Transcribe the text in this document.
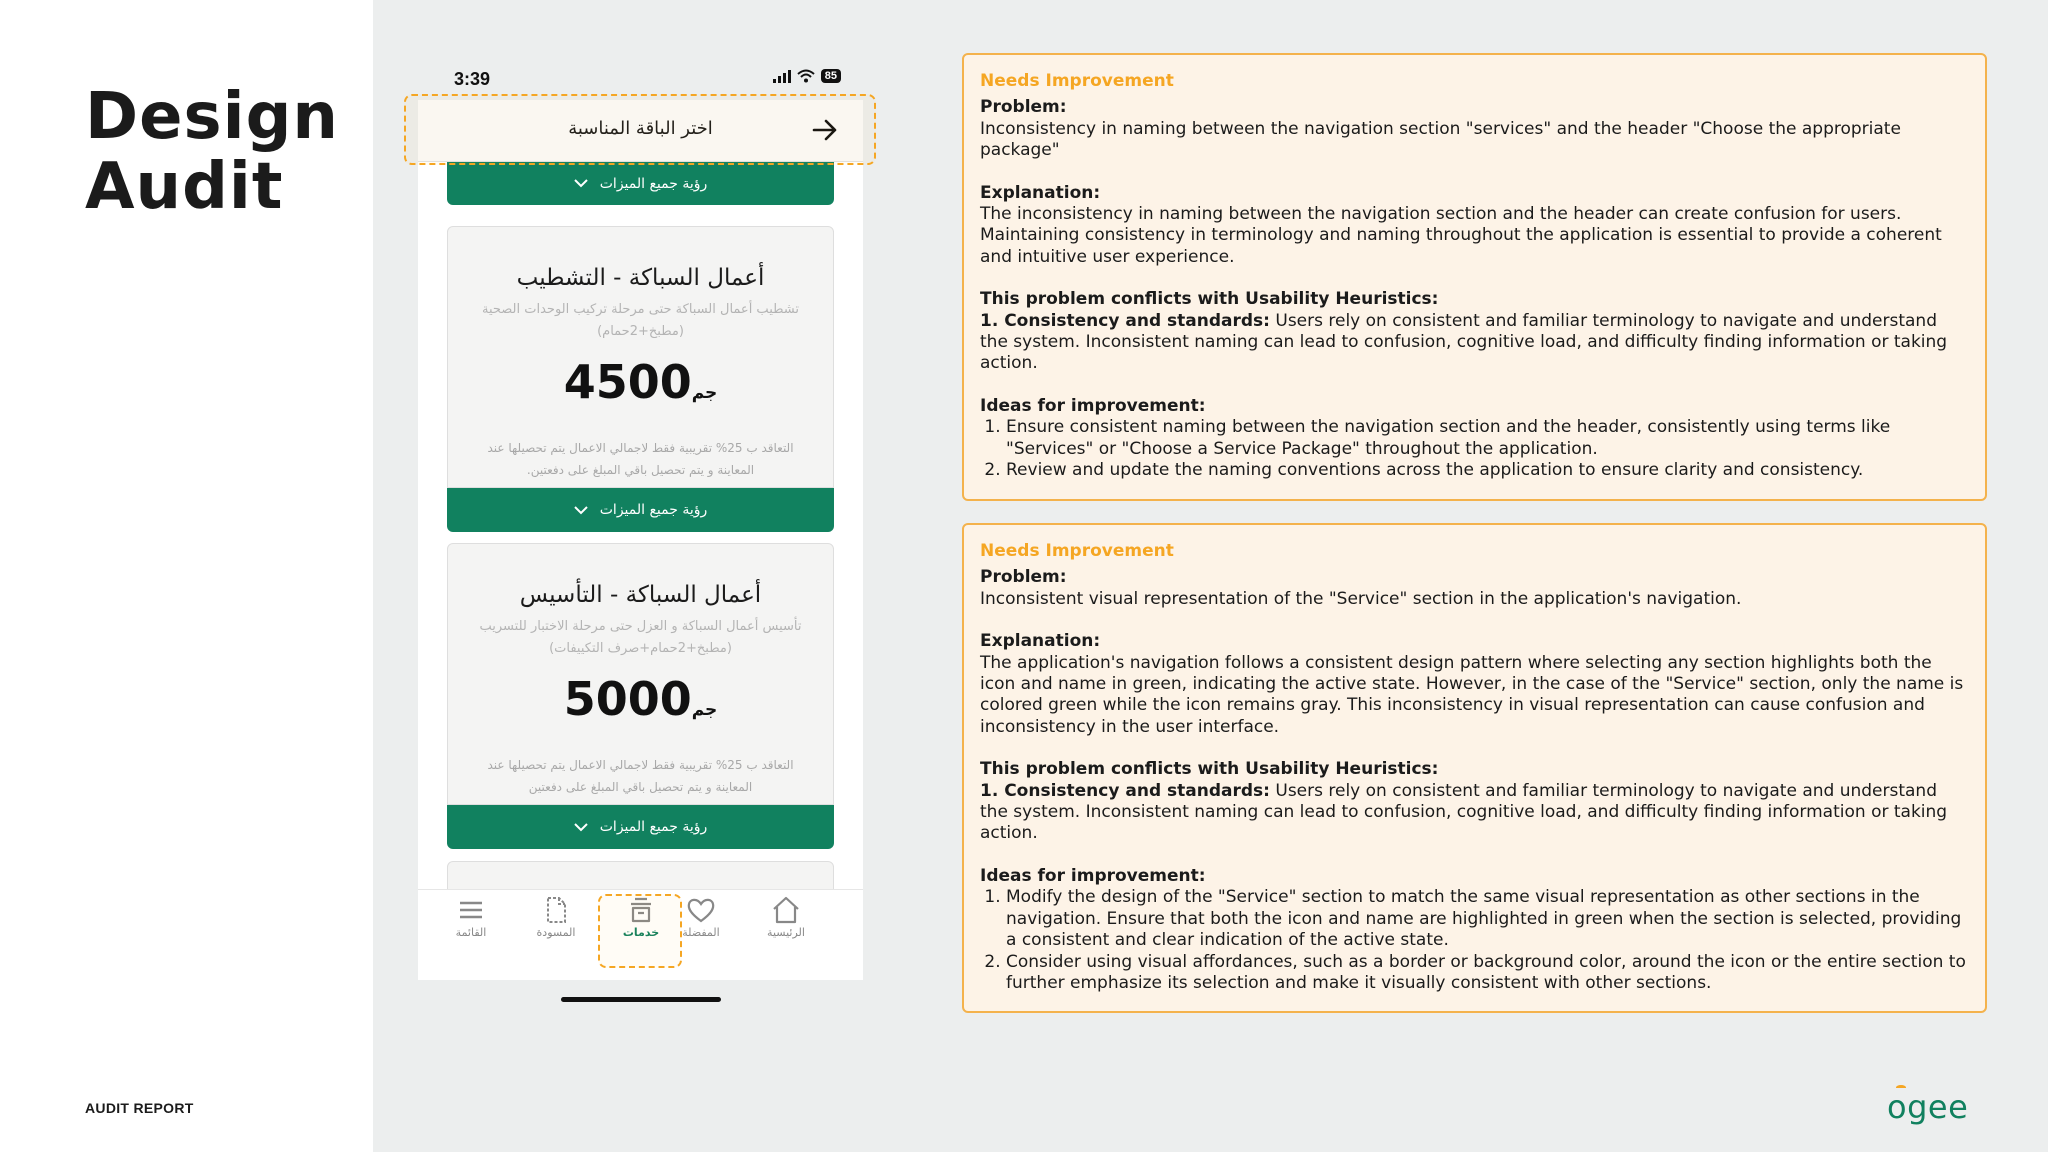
Design
Audit
AUDIT REPORT
3:39	85
اختر الباقة المناسبة
رؤية جميع الميزات
أعمال السباكة - التشطيب
تشطيب أعمال السباكة حتى مرحلة تركيب الوحدات الصحية (مطبخ+2حمام)
4500جم
التعاقد ب 25% تقريبية فقط لاجمالي الاعمال يتم تحصيلها عند المعاينة و يتم تحصيل باقي المبلغ على دفعتين.
رؤية جميع الميزات
أعمال السباكة - التأسيس
تأسيس أعمال السباكة و العزل حتى مرحلة الاختبار للتسريب (مطبخ+2حمام+صرف التكييفات)
5000جم
التعاقد ب 25% تقريبية فقط لاجمالي الاعمال يتم تحصيلها عند المعاينة و يتم تحصيل باقي المبلغ على دفعتين
رؤية جميع الميزات
الرئيسية
المفضلة
خدمات
المسودة
القائمة
Needs Improvement
Problem:
Inconsistency in naming between the navigation section "services" and the header "Choose the appropriate package"
Explanation:
The inconsistency in naming between the navigation section and the header can create confusion for users. Maintaining consistency in terminology and naming throughout the application is essential to provide a coherent and intuitive user experience.
This problem conflicts with Usability Heuristics:
1. Consistency and standards: Users rely on consistent and familiar terminology to navigate and understand the system. Inconsistent naming can lead to confusion, cognitive load, and difficulty finding information or taking action.
Ideas for improvement:
1. Ensure consistent naming between the navigation section and the header, consistently using terms like "Services" or "Choose a Service Package" throughout the application.
2. Review and update the naming conventions across the application to ensure clarity and consistency.
Needs Improvement
Problem:
Inconsistent visual representation of the "Service" section in the application's navigation.
Explanation:
The application's navigation follows a consistent design pattern where selecting any section highlights both the icon and name in green, indicating the active state. However, in the case of the "Service" section, only the name is colored green while the icon remains gray. This inconsistency in visual representation can cause confusion and inconsistency in the user interface.
This problem conflicts with Usability Heuristics:
1. Consistency and standards: Users rely on consistent and familiar terminology to navigate and understand the system. Inconsistent naming can lead to confusion, cognitive load, and difficulty finding information or taking action.
Ideas for improvement:
1. Modify the design of the "Service" section to match the same visual representation as other sections in the navigation. Ensure that both the icon and name are highlighted in green when the section is selected, providing a consistent and clear indication of the active state.
2. Consider using visual affordances, such as a border or background color, around the icon or the entire section to further emphasize its selection and make it visually consistent with other sections.
ogee
